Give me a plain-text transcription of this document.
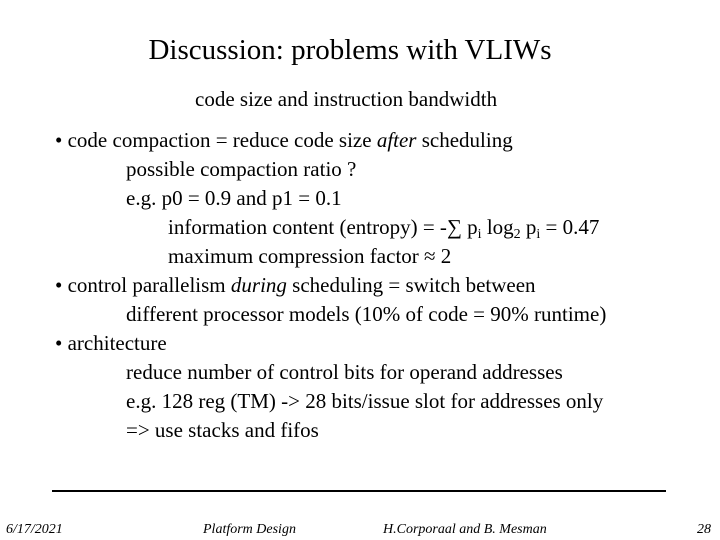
Discussion: problems with VLIWs
code size and instruction bandwidth
• code compaction = reduce code size after scheduling
possible compaction ratio ?
e.g. p0 = 0.9 and p1 = 0.1
information content (entropy) = -∑ $p_i$ $\log_2 p_i = 0.47$
maximum compression factor ≈ 2
• control parallelism during scheduling = switch between
different processor models (10% of code = 90% runtime)
• architecture
reduce number of control bits for operand addresses
e.g. 128 reg (TM) -> 28 bits/issue slot for addresses only
=> use stacks and fifos
6/17/2021	Platform Design	H.Corporaal and B. Mesman	28
